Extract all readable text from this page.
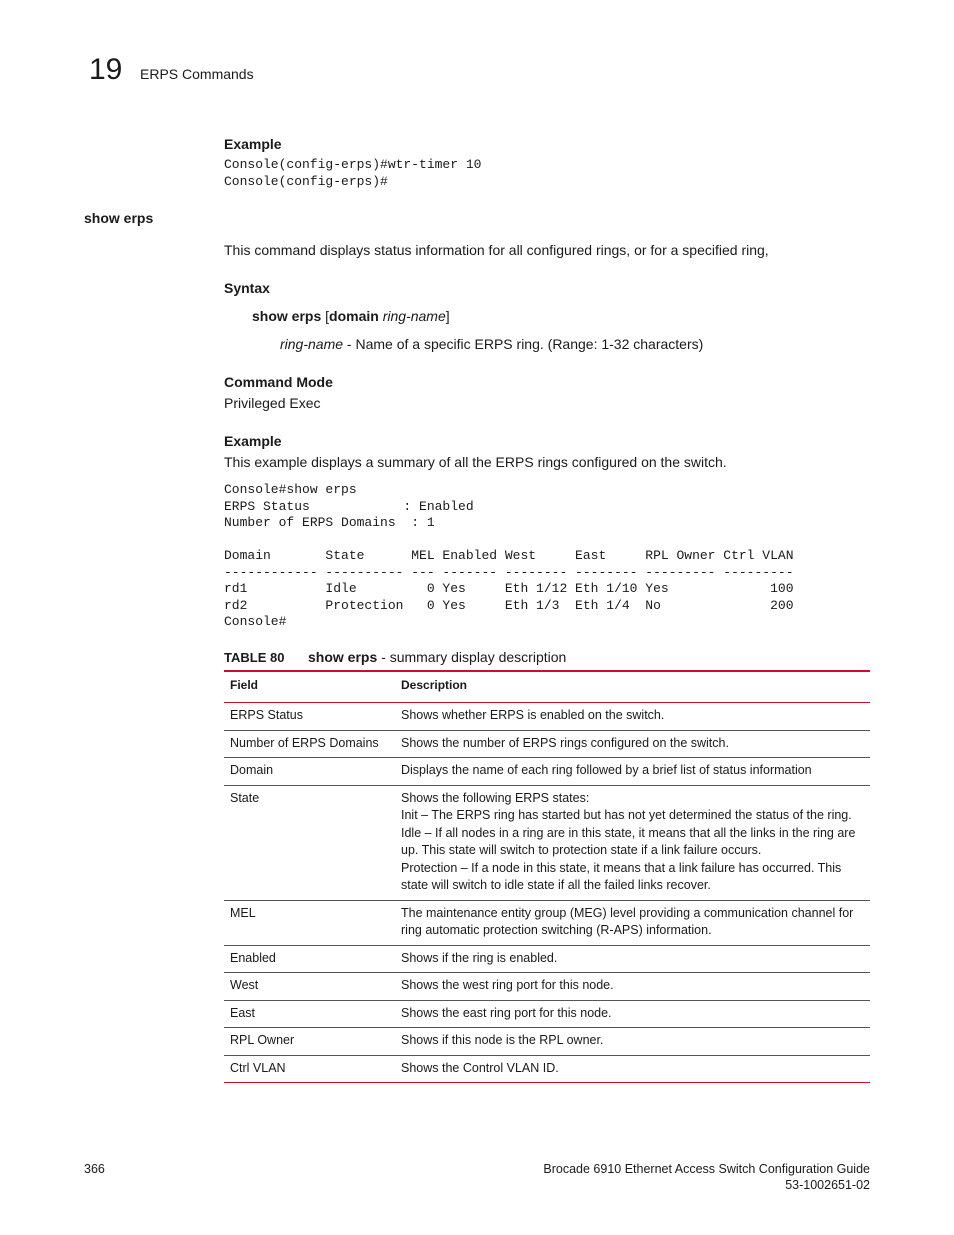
19 ERPS Commands
Example
Console(config-erps)#wtr-timer 10
Console(config-erps)#
show erps
This command displays status information for all configured rings, or for a specified ring,
Syntax
show erps [domain ring-name]
ring-name - Name of a specific ERPS ring. (Range: 1-32 characters)
Command Mode
Privileged Exec
Example
This example displays a summary of all the ERPS rings configured on the switch.
Console#show erps
ERPS Status            : Enabled
Number of ERPS Domains  : 1

Domain       State      MEL Enabled West     East     RPL Owner Ctrl VLAN
------------ ---------- --- ------- -------- -------- --------- ---------
rd1          Idle         0 Yes     Eth 1/12 Eth 1/10 Yes             100
rd2          Protection   0 Yes     Eth 1/3  Eth 1/4  No              200
Console#
TABLE 80 show erps - summary display description
Field	Description
ERPS Status	Shows whether ERPS is enabled on the switch.

Number of ERPS Domains	Shows the number of ERPS rings configured on the switch.

Domain	Displays the name of each ring followed by a brief list of status information

State	Shows the following ERPS states:
Init – The ERPS ring has started but has not yet determined the status of the ring.
Idle – If all nodes in a ring are in this state, it means that all the links in the ring are up. This state will switch to protection state if a link failure occurs.
Protection – If a node in this state, it means that a link failure has occurred. This state will switch to idle state if all the failed links recover.

MEL	The maintenance entity group (MEG) level providing a communication channel for ring automatic protection switching (R-APS) information.

Enabled	Shows if the ring is enabled.

West	Shows the west ring port for this node.

East	Shows the east ring port for this node.

RPL Owner	Shows if this node is the RPL owner.

Ctrl VLAN	Shows the Control VLAN ID.
366	Brocade 6910 Ethernet Access Switch Configuration Guide
53-1002651-02
